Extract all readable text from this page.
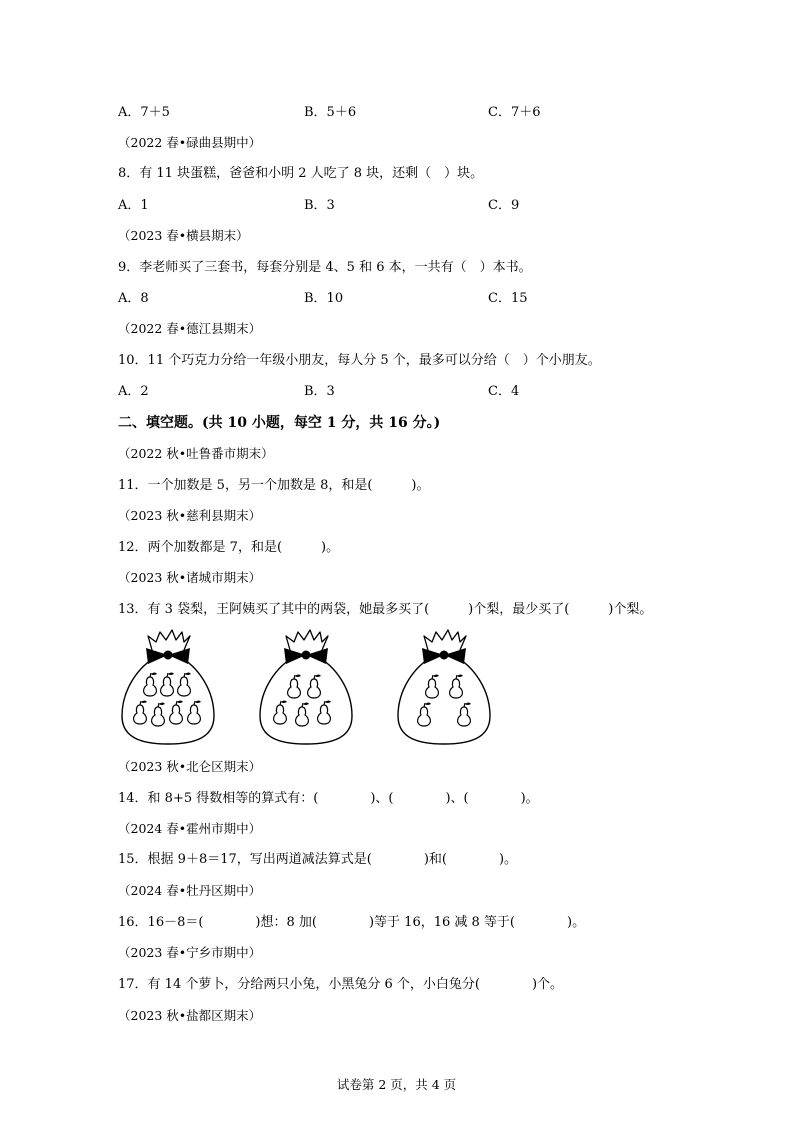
A．7＋5	B．5＋6	C．7＋6
（2022 春•碌曲县期中）
8．有 11 块蛋糕，爸爸和小明 2 人吃了 8 块，还剩（　）块。
A．1	B．3	C．9
（2023 春•横县期末）
9．李老师买了三套书，每套分别是 4、5 和 6 本，一共有（　）本书。
A．8	B．10	C．15
（2022 春•德江县期末）
10．11 个巧克力分给一年级小朋友，每人分 5 个，最多可以分给（　）个小朋友。
A．2	B．3	C．4
二、填空题。(共 10 小题，每空 1 分，共 16 分。)
（2022 秋•吐鲁番市期末）
11．一个加数是 5，另一个加数是 8，和是(　　　)。
（2023 秋•慈利县期末）
12．两个加数都是 7，和是(　　　)。
（2023 秋•诸城市期末）
13．有 3 袋梨，王阿姨买了其中的两袋，她最多买了(　　　)个梨，最少买了(　　　)个梨。
（2023 秋•北仑区期末）
14．和 8+5 得数相等的算式有：(　　　　)、(　　　　)、(　　　　)。
（2024 春•霍州市期中）
15．根据 9＋8＝17，写出两道减法算式是(　　　　)和(　　　　)。
（2024 春•牡丹区期中）
16．16－8＝(　　　　)想：8 加(　　　　)等于 16，16 减 8 等于(　　　　)。
（2023 春•宁乡市期中）
17．有 14 个萝卜，分给两只小兔，小黑兔分 6 个，小白兔分(　　　　)个。
（2023 秋•盐都区期末）
试卷第 2 页，共 4 页
